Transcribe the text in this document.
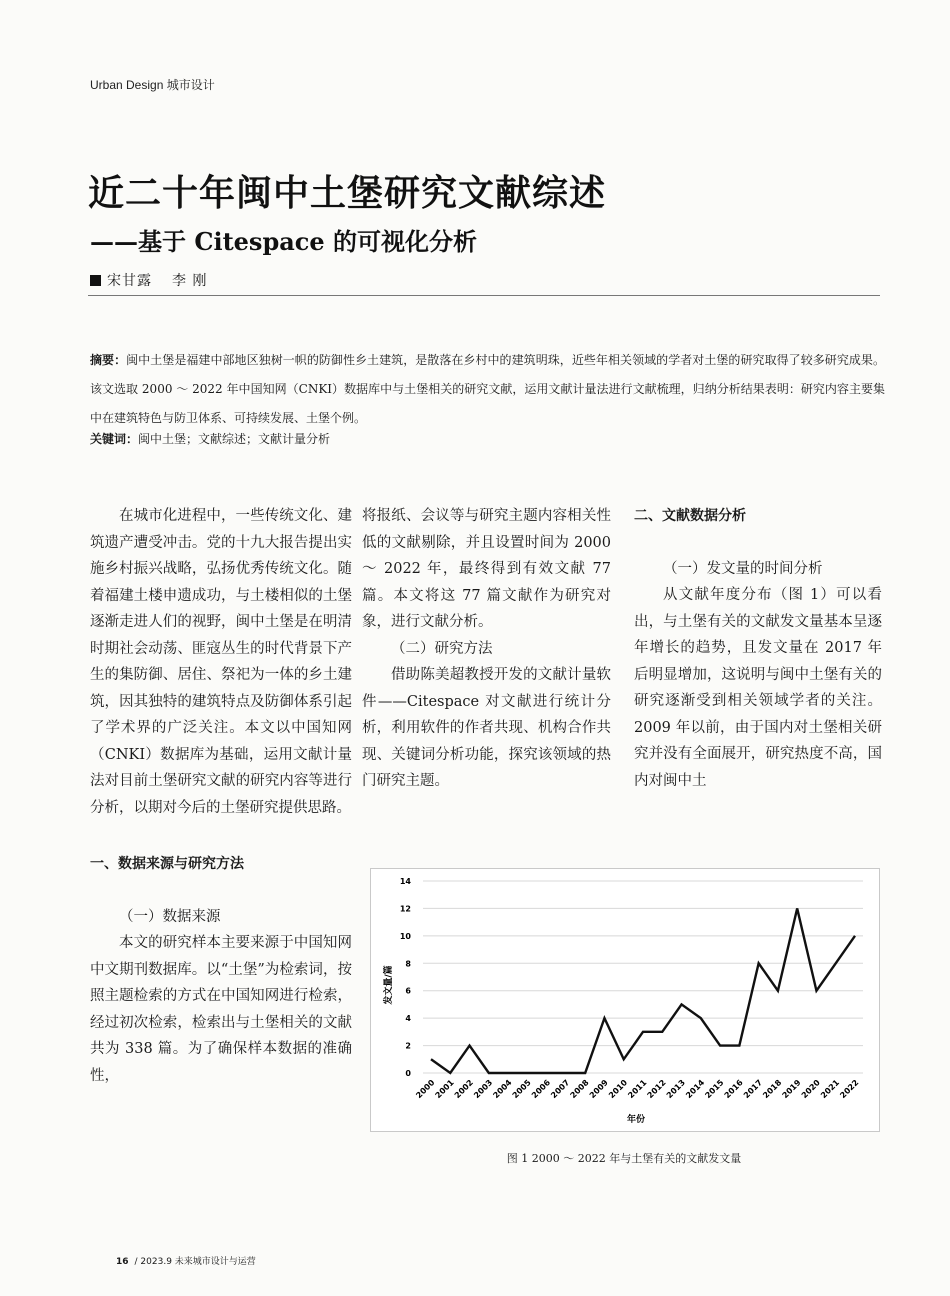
Urban Design 城市设计
近二十年闽中土堡研究文献综述
——基于 Citespace 的可视化分析
宋甘露 李 刚
摘要：闽中土堡是福建中部地区独树一帜的防御性乡土建筑，是散落在乡村中的建筑明珠，近些年相关领域的学者对土堡的研究取得了较多研究成果。该文选取 2000 ～ 2022 年中国知网（CNKI）数据库中与土堡相关的研究文献，运用文献计量法进行文献梳理，归纳分析结果表明：研究内容主要集中在建筑特色与防卫体系、可持续发展、土堡个例。
关键词：闽中土堡；文献综述；文献计量分析

在城市化进程中，一些传统文化、建筑遗产遭受冲击。党的十九大报告提出实施乡村振兴战略，弘扬优秀传统文化。随着福建土楼申遗成功，与土楼相似的土堡逐渐走进人们的视野，闽中土堡是在明清时期社会动荡、匪寇丛生的时代背景下产生的集防御、居住、祭祀为一体的乡土建筑，因其独特的建筑特点及防御体系引起了学术界的广泛关注。本文以中国知网（CNKI）数据库为基础，运用文献计量法对目前土堡研究文献的研究内容等进行分析，以期对今后的土堡研究提供思路。

一、数据来源与研究方法

（一）数据来源

本文的研究样本主要来源于中国知网中文期刊数据库。以“土堡”为检索词，按照主题检索的方式在中国知网进行检索，经过初次检索，检索出与土堡相关的文献共为 338 篇。为了确保样本数据的准确性，

将报纸、会议等与研究主题内容相关性低的文献剔除，并且设置时间为 2000 ～ 2022 年，最终得到有效文献 77 篇。本文将这 77 篇文献作为研究对象，进行文献分析。

（二）研究方法

借助陈美超教授开发的文献计量软件——Citespace 对文献进行统计分析，利用软件的作者共现、机构合作共现、关键词分析功能，探究该领域的热门研究主题。

二、文献数据分析

（一）发文量的时间分析

从文献年度分布（图 1）可以看出，与土堡有关的文献发文量基本呈逐年增长的趋势，且发文量在 2017 年后明显增加，这说明与闽中土堡有关的研究逐渐受到相关领域学者的关注。2009 年以前，由于国内对土堡相关研究并没有全面展开，研究热度不高，国内对闽中土

0
2
4
6
8
10
12
14
2000
2001
2002
2003
2004
2005
2006
2007
2008
2009
2010
2011
2012
2013
2014
2015
2016
2017
2018
2019
2020
2021
2022
发文量/篇
年份
图 1 2000 ～ 2022 年与土堡有关的文献发文量
16 / 2023.9 未来城市设计与运营
